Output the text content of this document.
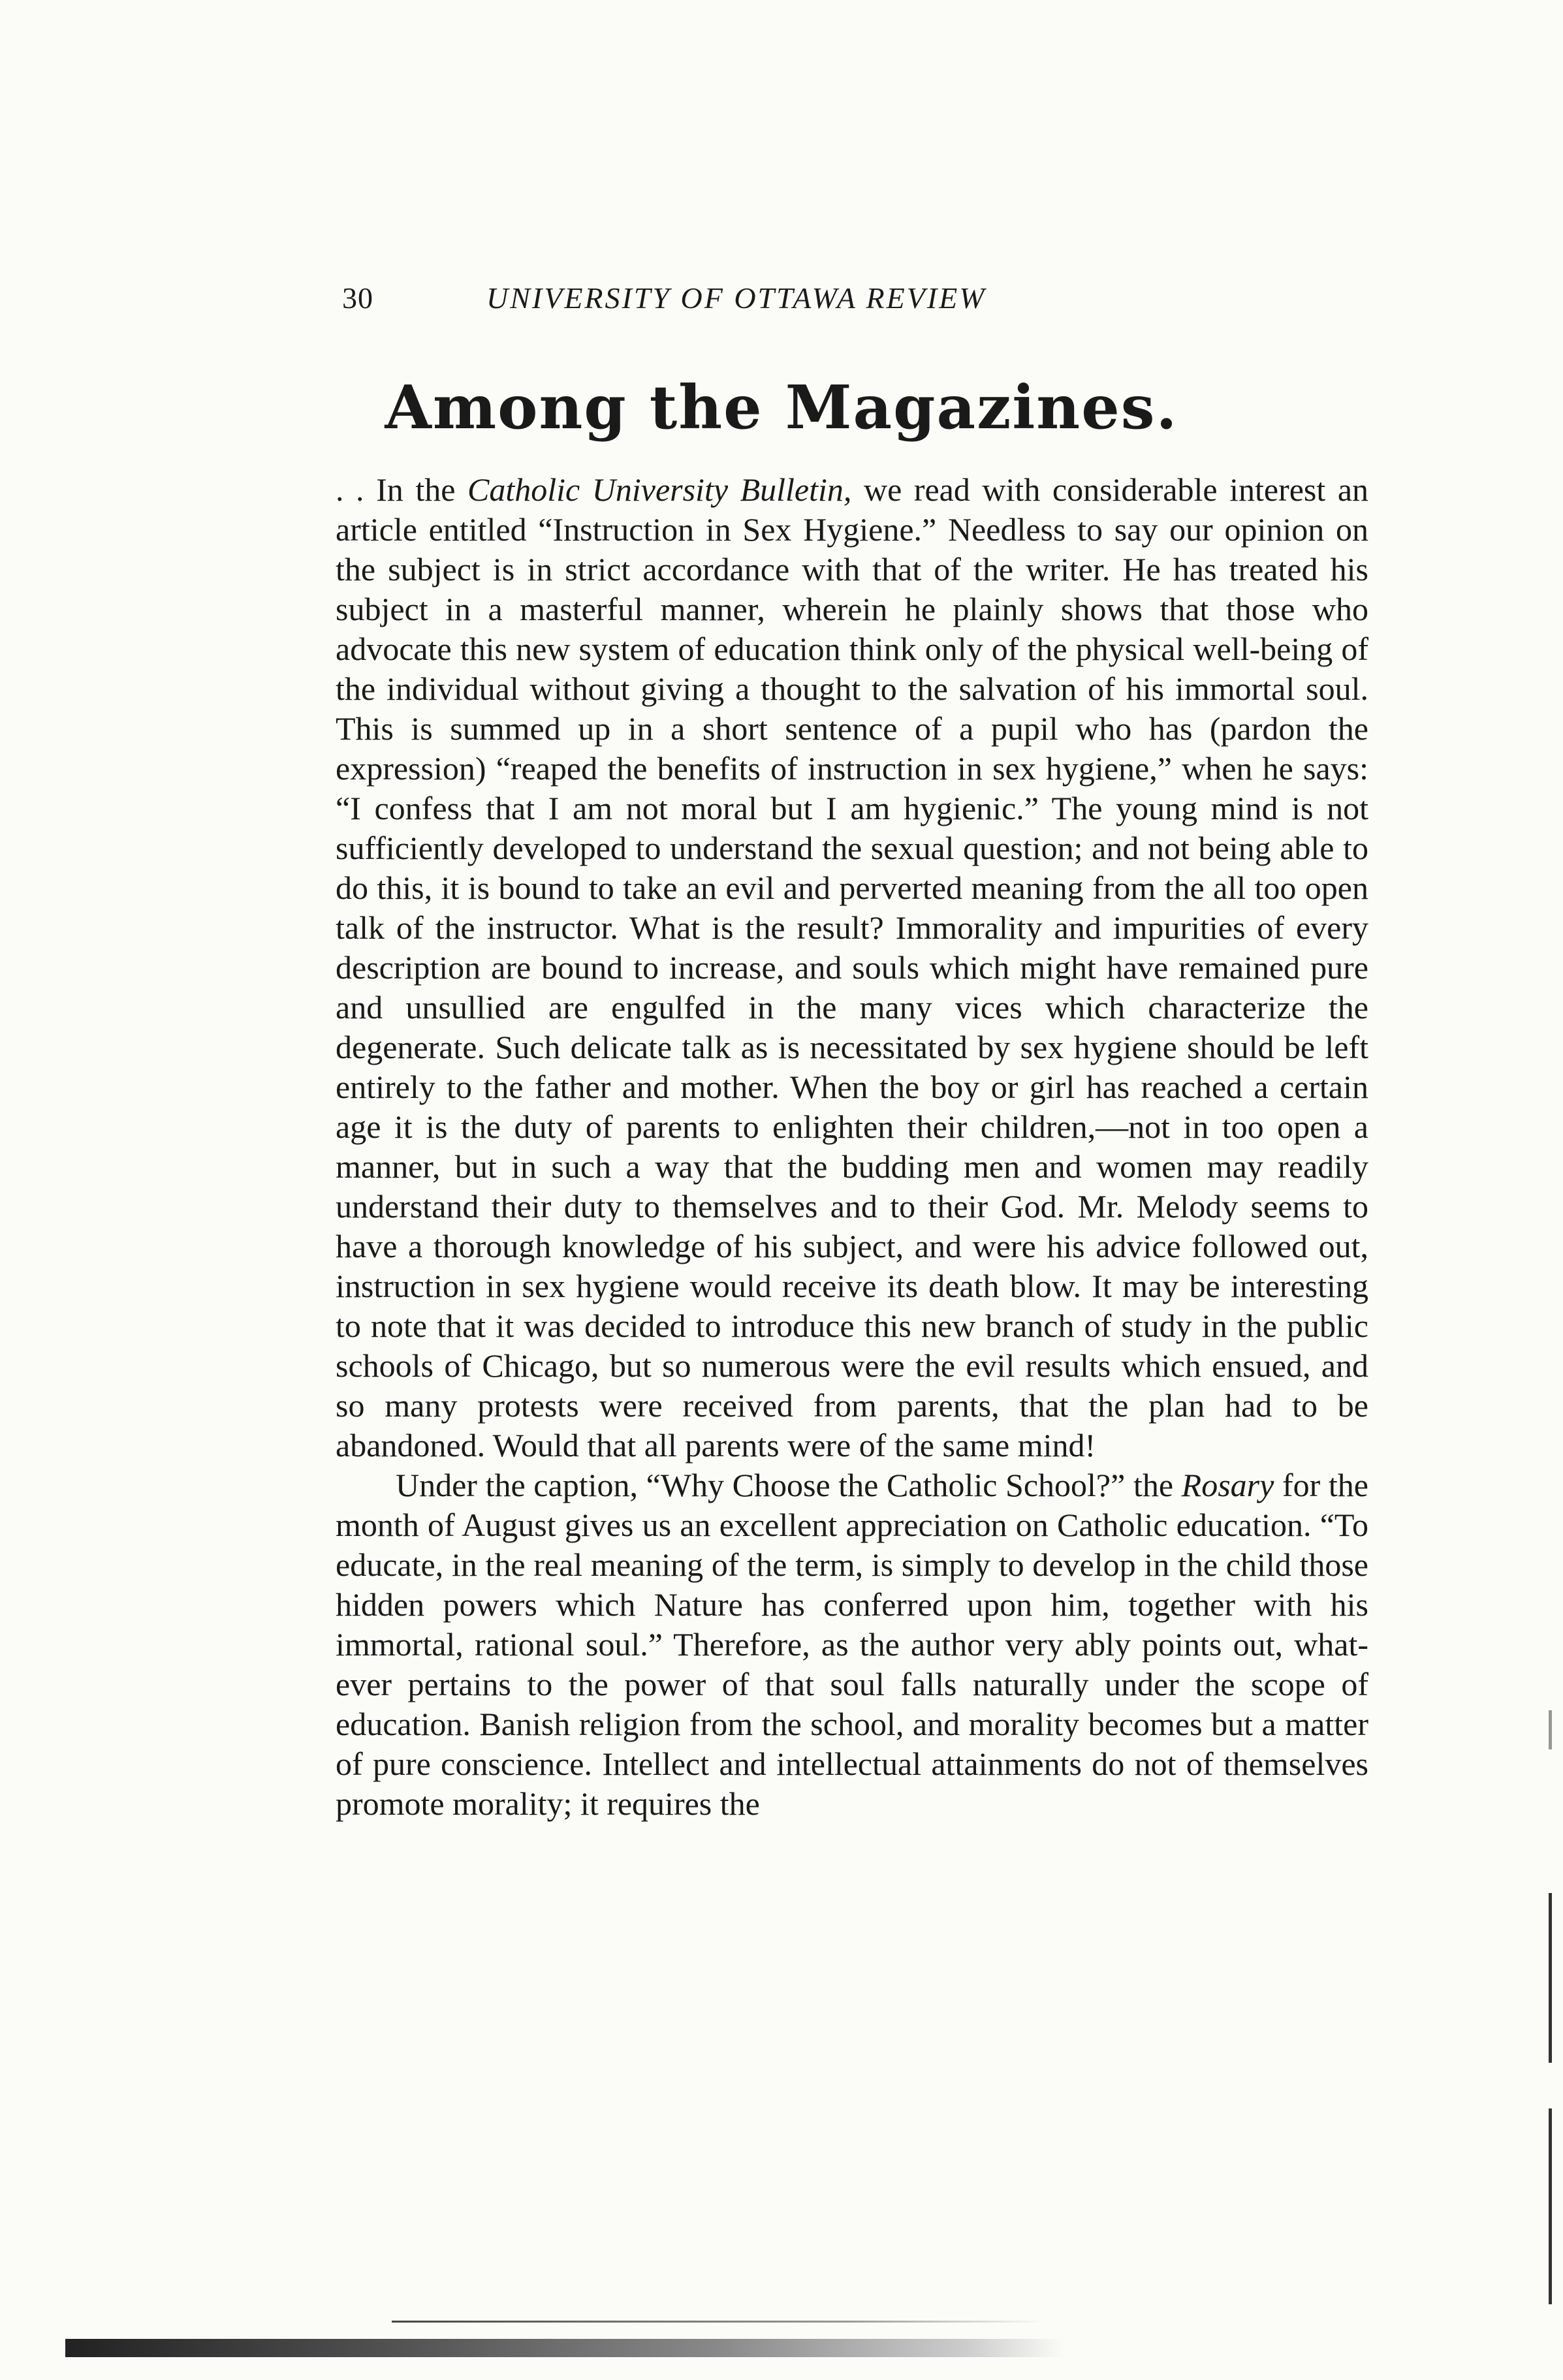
30	UNIVERSITY OF OTTAWA REVIEW
Among the Magazines.

. . In the Catholic University Bulletin, we read with considerable interest an article entitled “Instruction in Sex Hygiene.” Needless to say our opinion on the subject is in strict accordance with that of the writer. He has treated his subject in a masterful manner, wherein he plainly shows that those who advocate this new system of education think only of the physical well-being of the individual without giving a thought to the salvation of his immortal soul. This is summed up in a short sentence of a pupil who has (pardon the expression) “reaped the benefits of instruction in sex hygiene,” when he says: “I confess that I am not moral but I am hygienic.” The young mind is not sufficiently developed to understand the sexual question; and not being able to do this, it is bound to take an evil and perverted meaning from the all too open talk of the instructor. What is the result? Immorality and impurities of every description are bound to increase, and souls which might have remained pure and unsullied are engulfed in the many vices which characterize the degenerate. Such delicate talk as is necessitated by sex hygiene should be left entirely to the father and mother. When the boy or girl has reached a certain age it is the duty of parents to enlighten their children,—not in too open a manner, but in such a way that the budding men and women may readily understand their duty to themselves and to their God. Mr. Melody seems to have a thorough knowledge of his subject, and were his advice followed out, instruction in sex hygiene would receive its death blow. It may be interesting to note that it was decided to introduce this new branch of study in the public schools of Chicago, but so numerous were the evil results which ensued, and so many protests were received from parents, that the plan had to be abandoned. Would that all parents were of the same mind!

Under the caption, “Why Choose the Catholic School?” the Rosary for the month of August gives us an excellent appreciation on Catholic education. “To educate, in the real meaning of the term, is simply to develop in the child those hidden powers which Nature has conferred upon him, together with his immortal, rational soul.” Therefore, as the author very ably points out, whatever pertains to the power of that soul falls naturally under the scope of education. Banish religion from the school, and morality becomes but a matter of pure conscience. Intellect and intellectual attainments do not of themselves promote morality; it requires the
